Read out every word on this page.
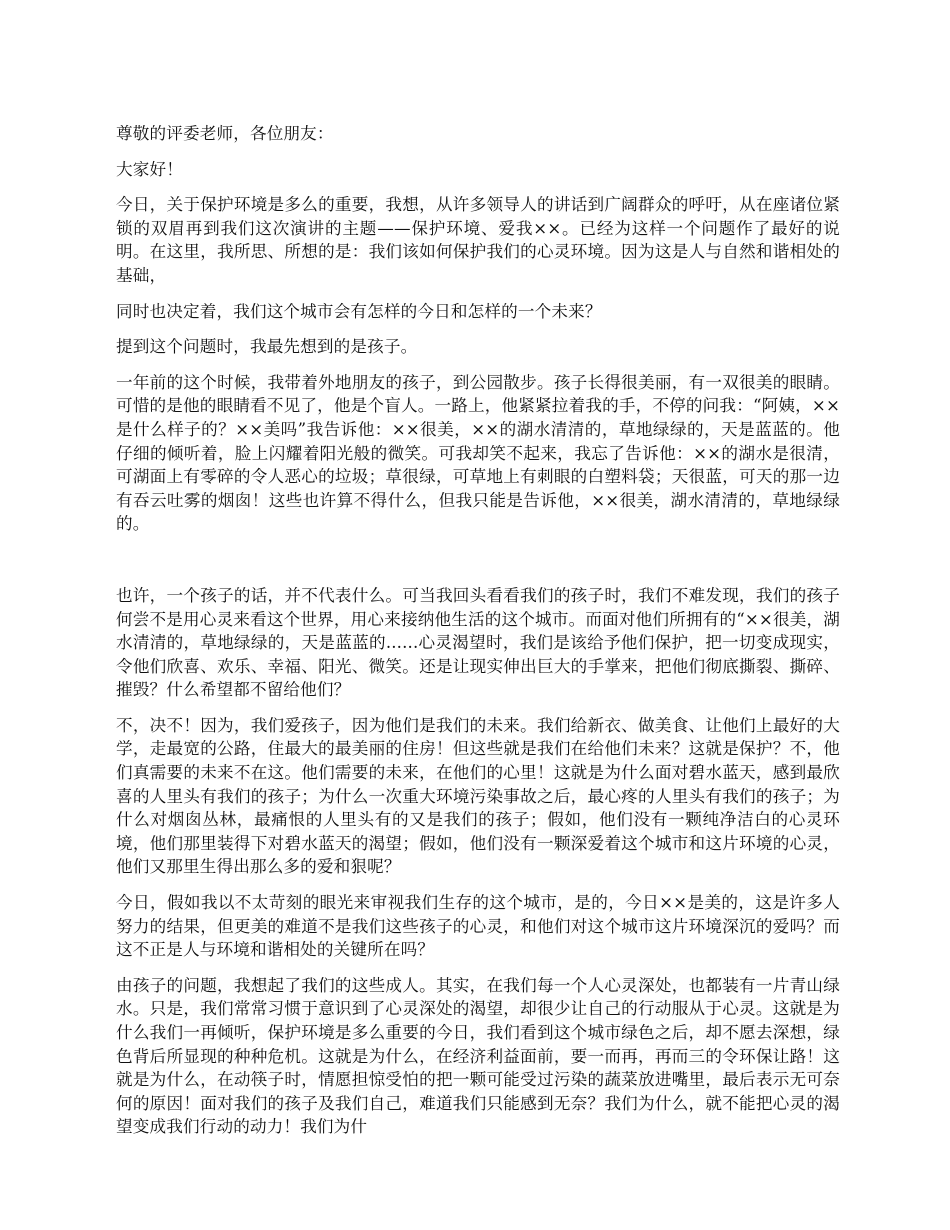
尊敬的评委老师，各位朋友：

大家好！

今日，关于保护环境是多么的重要，我想，从许多领导人的讲话到广阔群众的呼吁，从在座诸位紧锁的双眉再到我们这次演讲的主题——保护环境、爱我××。已经为这样一个问题作了最好的说明。在这里，我所思、所想的是：我们该如何保护我们的心灵环境。因为这是人与自然和谐相处的基础，

同时也决定着，我们这个城市会有怎样的今日和怎样的一个未来？

提到这个问题时，我最先想到的是孩子。

一年前的这个时候，我带着外地朋友的孩子，到公园散步。孩子长得很美丽，有一双很美的眼睛。可惜的是他的眼睛看不见了，他是个盲人。一路上，他紧紧拉着我的手，不停的问我：“阿姨，××是什么样子的？××美吗”我告诉他：××很美，××的湖水清清的，草地绿绿的，天是蓝蓝的。他仔细的倾听着，脸上闪耀着阳光般的微笑。可我却笑不起来，我忘了告诉他：××的湖水是很清，可湖面上有零碎的令人恶心的垃圾；草很绿，可草地上有刺眼的白塑料袋；天很蓝，可天的那一边有吞云吐雾的烟囱！这些也许算不得什么，但我只能是告诉他，××很美，湖水清清的，草地绿绿的。

也许，一个孩子的话，并不代表什么。可当我回头看看我们的孩子时，我们不难发现，我们的孩子何尝不是用心灵来看这个世界，用心来接纳他生活的这个城市。而面对他们所拥有的“××很美，湖水清清的，草地绿绿的，天是蓝蓝的......心灵渴望时，我们是该给予他们保护，把一切变成现实，令他们欣喜、欢乐、幸福、阳光、微笑。还是让现实伸出巨大的手掌来，把他们彻底撕裂、撕碎、摧毁？什么希望都不留给他们？

不，决不！因为，我们爱孩子，因为他们是我们的未来。我们给新衣、做美食、让他们上最好的大学，走最宽的公路，住最大的最美丽的住房！但这些就是我们在给他们未来？这就是保护？不，他们真需要的未来不在这。他们需要的未来，在他们的心里！这就是为什么面对碧水蓝天，感到最欣喜的人里头有我们的孩子；为什么一次重大环境污染事故之后，最心疼的人里头有我们的孩子；为什么对烟囱丛林，最痛恨的人里头有的又是我们的孩子；假如，他们没有一颗纯净洁白的心灵环境，他们那里装得下对碧水蓝天的渴望；假如，他们没有一颗深爱着这个城市和这片环境的心灵，他们又那里生得出那么多的爱和狠呢？

今日，假如我以不太苛刻的眼光来审视我们生存的这个城市，是的，今日××是美的，这是许多人努力的结果，但更美的难道不是我们这些孩子的心灵，和他们对这个城市这片环境深沉的爱吗？而这不正是人与环境和谐相处的关键所在吗？

由孩子的问题，我想起了我们的这些成人。其实，在我们每一个人心灵深处，也都装有一片青山绿水。只是，我们常常习惯于意识到了心灵深处的渴望，却很少让自己的行动服从于心灵。这就是为什么我们一再倾听，保护环境是多么重要的今日，我们看到这个城市绿色之后，却不愿去深想，绿色背后所显现的种种危机。这就是为什么，在经济利益面前，要一而再，再而三的令环保让路！这就是为什么，在动筷子时，情愿担惊受怕的把一颗可能受过污染的蔬菜放进嘴里，最后表示无可奈何的原因！面对我们的孩子及我们自己，难道我们只能感到无奈？我们为什么，就不能把心灵的渴望变成我们行动的动力！我们为什
